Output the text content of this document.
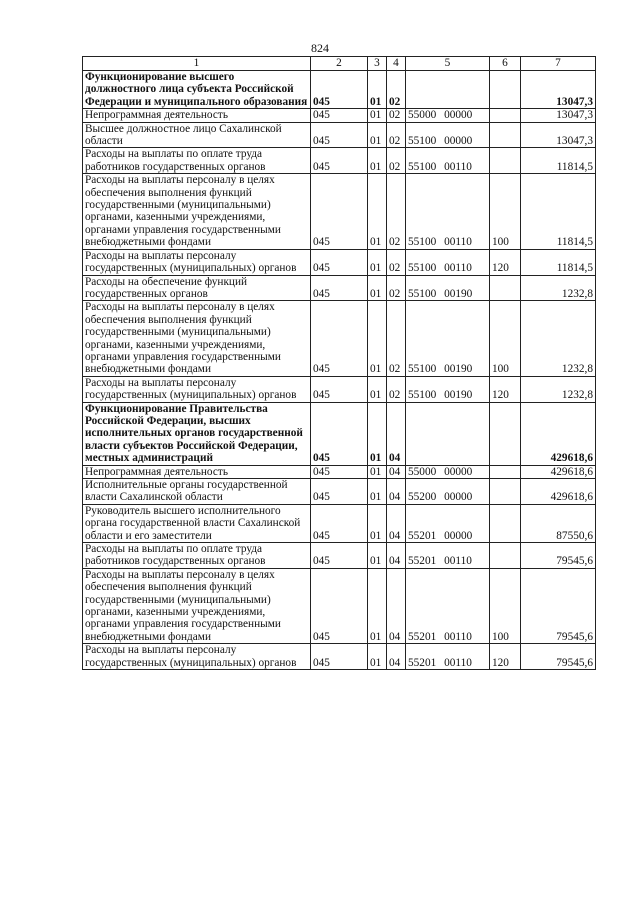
824
1	2	3	4	5	6	7
Функционирование высшего должностного лица субъекта Российской Федерации и муниципального образования	045	01	02			13047,3
Непрограммная деятельность	045	01	02	55000 00000		13047,3
Высшее должностное лицо Сахалинской области	045	01	02	55100 00000		13047,3
Расходы на выплаты по оплате труда работников государственных органов	045	01	02	55100 00110		11814,5
Расходы на выплаты персоналу в целях обеспечения выполнения функций государственными (муниципальными) органами, казенными учреждениями, органами управления государственными внебюджетными фондами	045	01	02	55100 00110	100	11814,5
Расходы на выплаты персоналу государственных (муниципальных) органов	045	01	02	55100 00110	120	11814,5
Расходы на обеспечение функций государственных органов	045	01	02	55100 00190		1232,8
Расходы на выплаты персоналу в целях обеспечения выполнения функций государственными (муниципальными) органами, казенными учреждениями, органами управления государственными внебюджетными фондами	045	01	02	55100 00190	100	1232,8
Расходы на выплаты персоналу государственных (муниципальных) органов	045	01	02	55100 00190	120	1232,8
Функционирование Правительства Российской Федерации, высших исполнительных органов государственной власти субъектов Российской Федерации, местных администраций	045	01	04			429618,6
Непрограммная деятельность	045	01	04	55000 00000		429618,6
Исполнительные органы государственной власти Сахалинской области	045	01	04	55200 00000		429618,6
Руководитель высшего исполнительного органа государственной власти Сахалинской области и его заместители	045	01	04	55201 00000		87550,6
Расходы на выплаты по оплате труда работников государственных органов	045	01	04	55201 00110		79545,6
Расходы на выплаты персоналу в целях обеспечения выполнения функций государственными (муниципальными) органами, казенными учреждениями, органами управления государственными внебюджетными фондами	045	01	04	55201 00110	100	79545,6
Расходы на выплаты персоналу государственных (муниципальных) органов	045	01	04	55201 00110	120	79545,6
